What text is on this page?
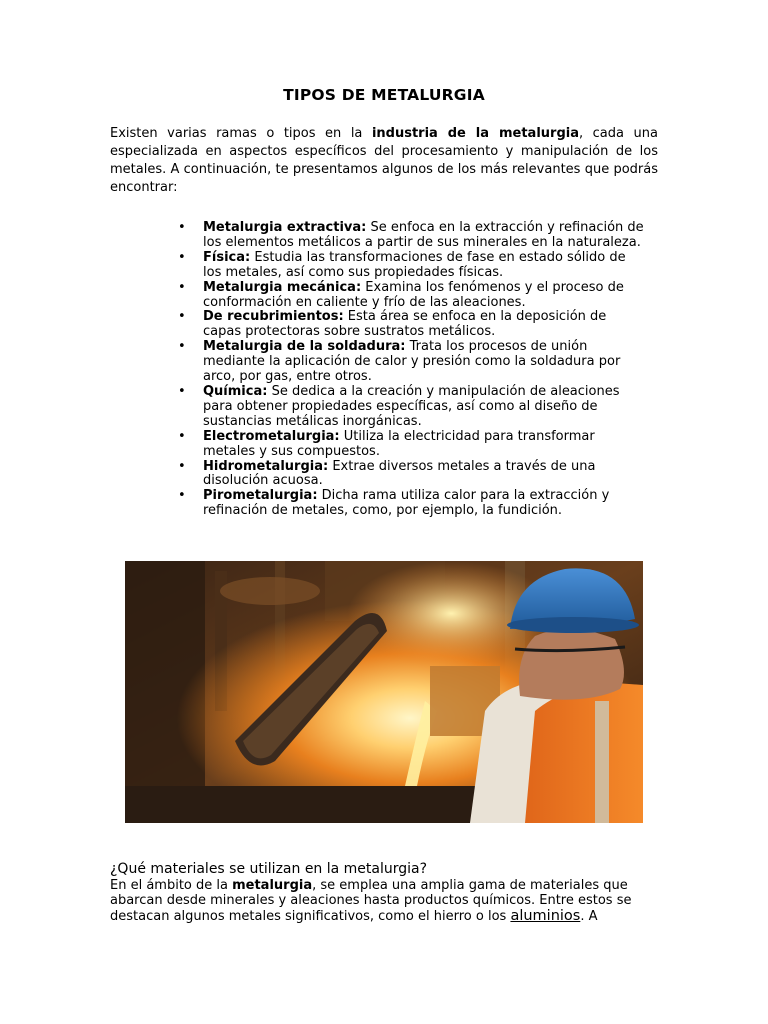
TIPOS DE METALURGIA

Existen varias ramas o tipos en la industria de la metalurgia, cada una especializada en aspectos específicos del procesamiento y manipulación de los metales. A continuación, te presentamos algunos de los más relevantes que podrás encontrar:

• Metalurgia extractiva: Se enfoca en la extracción y refinación de los elementos metálicos a partir de sus minerales en la naturaleza.
• Física: Estudia las transformaciones de fase en estado sólido de los metales, así como sus propiedades físicas.
• Metalurgia mecánica: Examina los fenómenos y el proceso de conformación en caliente y frío de las aleaciones.
• De recubrimientos: Esta área se enfoca en la deposición de capas protectoras sobre sustratos metálicos.
• Metalurgia de la soldadura: Trata los procesos de unión mediante la aplicación de calor y presión como la soldadura por arco, por gas, entre otros.
• Química: Se dedica a la creación y manipulación de aleaciones para obtener propiedades específicas, así como al diseño de sustancias metálicas inorgánicas.
• Electrometalurgia: Utiliza la electricidad para transformar metales y sus compuestos.
• Hidrometalurgia: Extrae diversos metales a través de una disolución acuosa.
• Pirometalurgia: Dicha rama utiliza calor para la extracción y refinación de metales, como, por ejemplo, la fundición.
¿Qué materiales se utilizan en la metalurgia?

En el ámbito de la metalurgia, se emplea una amplia gama de materiales que abarcan desde minerales y aleaciones hasta productos químicos. Entre estos se destacan algunos metales significativos, como el hierro o los aluminios. A
